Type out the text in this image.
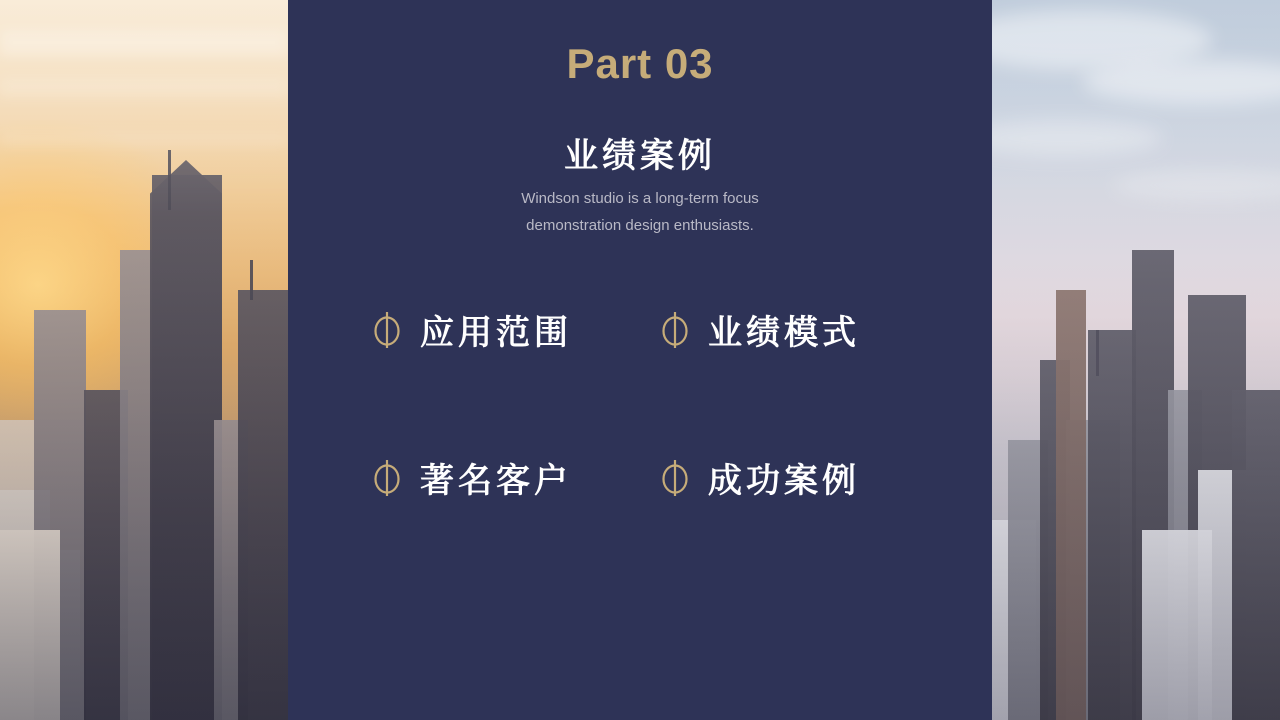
Part 03
业绩案例
Windson studio is a long-term focus
demonstration design enthusiasts.
应用范围	业绩模式
著名客户	成功案例
